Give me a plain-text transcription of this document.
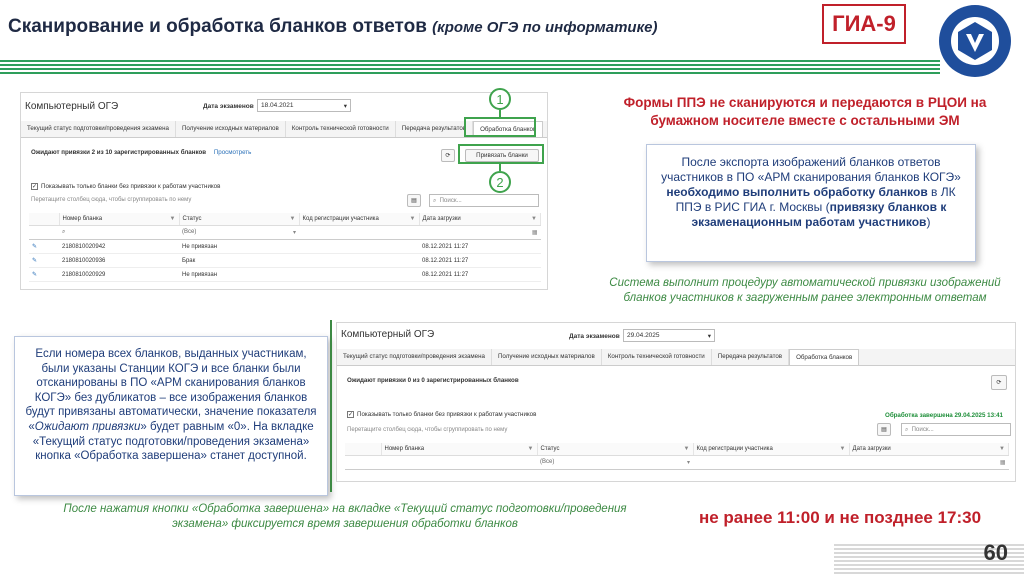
Сканирование и обработка бланков ответов (кроме ОГЭ по информатике)	ГИА-9
Компьютерный ОГЭ	Дата экзаменов 18.04.2021	▾
Текущий статус подготовки/проведения экзамена	Получение исходных материалов	Контроль технической готовности	Передача результатов	Обработка бланков
Ожидают привязки 2 из 10 зарегистрированных бланков Просмотреть	⟳	Привязать бланки
✓ Показывать только бланки без привязки к работам участников
Перетащите столбец сюда, чтобы сгруппировать по нему	▤	⌕ Поиск...
	Номер бланка ▼	Статус ▼	Код регистрации участника ▼	Дата загрузки ▼

	⌕	(Все) ▾		▦

✎	2180810020942	Не привязан		08.12.2021 11:27
✎	2180810020936	Брак		08.12.2021 11:27
✎	2180810020929	Не привязан		08.12.2021 11:27
1
2
Формы ППЭ не сканируются и передаются в РЦОИ на бумажном носителе вместе с остальными ЭМ
После экспорта изображений бланков ответов участников в ПО «АРМ сканирования бланков КОГЭ» необходимо выполнить обработку бланков в ЛК ППЭ в РИС ГИА г. Москвы (привязку бланков к экзаменационным работам участников)
Система выполнит процедуру автоматической привязки изображений бланков участников к загруженным ранее электронным ответам
Если номера всех бланков, выданных участникам, были указаны Станции КОГЭ и все бланки были отсканированы в ПО «АРМ сканирования бланков КОГЭ» без дубликатов – все изображения бланков будут привязаны автоматически, значение показателя «Ожидают привязки» будет равным «0». На вкладке «Текущий статус подготовки/проведения экзамена» кнопка «Обработка завершена» станет доступной.
Компьютерный ОГЭ	Дата экзаменов 29.04.2025	▾
Текущий статус подготовки/проведения экзамена	Получение исходных материалов	Контроль технической готовности	Передача результатов	Обработка бланков
Ожидают привязки 0 из 0 зарегистрированных бланков	⟳
✓ Показывать только бланки без привязки к работам участников	Обработка завершена 29.04.2025 13:41
Перетащите столбец сюда, чтобы сгруппировать по нему	▤	⌕ Поиск...
	Номер бланка ▼	Статус ▼	Код регистрации участника ▼	Дата загрузки ▼

		(Все) ▾		▦
После нажатия кнопки «Обработка завершена» на вкладке «Текущий статус подготовки/проведения экзамена» фиксируется время завершения обработки бланков	не ранее 11:00 и не позднее 17:30
60
